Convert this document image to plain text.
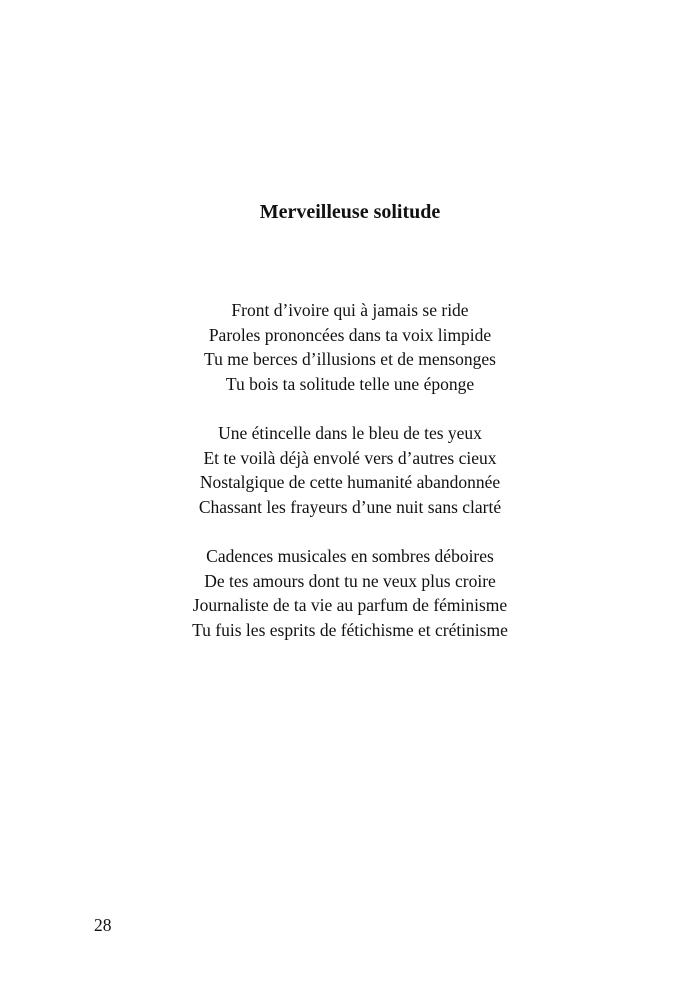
Merveilleuse solitude
Front d’ivoire qui à jamais se ride
Paroles prononcées dans ta voix limpide
Tu me berces d’illusions et de mensonges
Tu bois ta solitude telle une éponge
Une étincelle dans le bleu de tes yeux
Et te voilà déjà envolé vers d’autres cieux
Nostalgique de cette humanité abandonnée
Chassant les frayeurs d’une nuit sans clarté
Cadences musicales en sombres déboires
De tes amours dont tu ne veux plus croire
Journaliste de ta vie au parfum de féminisme
Tu fuis les esprits de fétichisme et crétinisme
28
